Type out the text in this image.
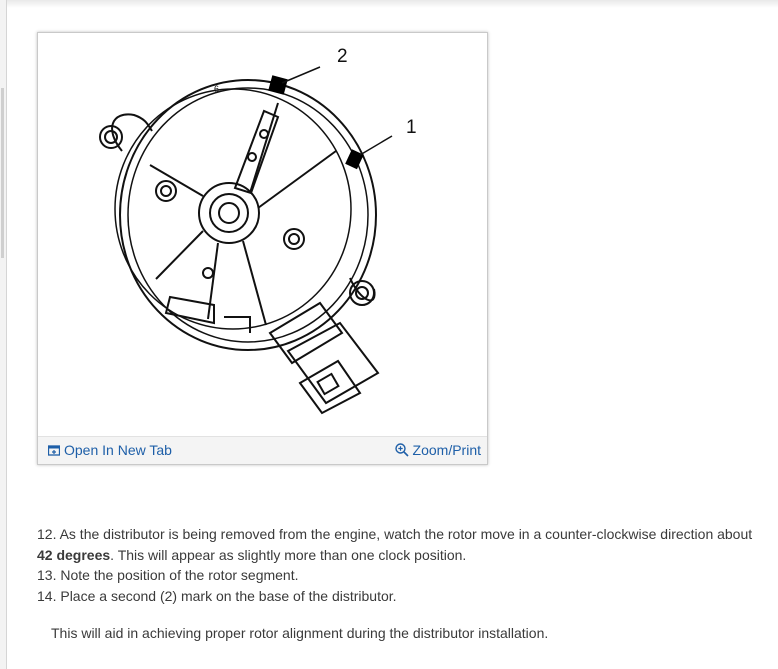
6
2
1
Open In New Tab	Zoom/Print

12. As the distributor is being removed from the engine, watch the rotor move in a counter-clockwise direction about 42 degrees. This will appear as slightly more than one clock position.

13. Note the position of the rotor segment.

14. Place a second (2) mark on the base of the distributor.

This will aid in achieving proper rotor alignment during the distributor installation.
